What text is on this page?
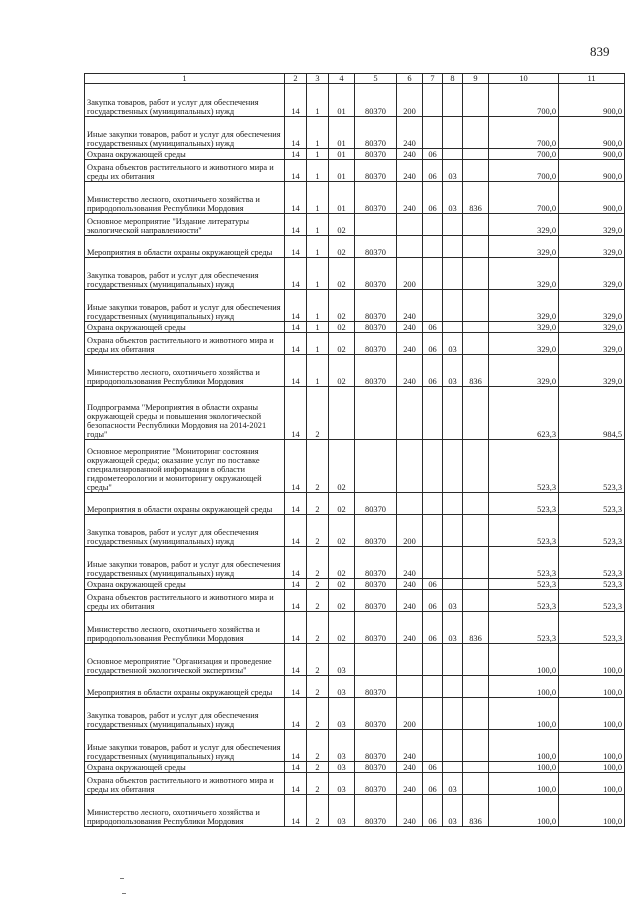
839
1	2	3	4	5	6	7	8	9	10	11

Закупка товаров, работ и услуг для обеспечения государственных (муниципальных) нужд	14	1	01	80370	200				700,0	900,0

Иные закупки товаров, работ и услуг для обеспечения государственных (муниципальных) нужд	14	1	01	80370	240				700,0	900,0

Охрана окружающей среды	14	1	01	80370	240	06			700,0	900,0

Охрана объектов растительного и животного мира и среды их обитания	14	1	01	80370	240	06	03		700,0	900,0

Министерство лесного, охотничьего хозяйства и природопользования Республики Мордовия	14	1	01	80370	240	06	03	836	700,0	900,0

Основное мероприятие "Издание литературы экологической направленности"	14	1	02						329,0	329,0

Мероприятия в области охраны окружающей среды	14	1	02	80370					329,0	329,0

Закупка товаров, работ и услуг для обеспечения государственных (муниципальных) нужд	14	1	02	80370	200				329,0	329,0

Иные закупки товаров, работ и услуг для обеспечения государственных (муниципальных) нужд	14	1	02	80370	240				329,0	329,0

Охрана окружающей среды	14	1	02	80370	240	06			329,0	329,0

Охрана объектов растительного и животного мира и среды их обитания	14	1	02	80370	240	06	03		329,0	329,0

Министерство лесного, охотничьего хозяйства и природопользования Республики Мордовия	14	1	02	80370	240	06	03	836	329,0	329,0

Подпрограмма "Мероприятия в области охраны окружающей среды и повышения экологической безопасности Республики Мордовия на 2014-2021 годы"	14	2							623,3	984,5

Основное мероприятие "Мониторинг состояния окружающей среды; оказание услуг по поставке специализированной информации в области гидрометеорологии и мониторингу окружающей среды"	14	2	02						523,3	523,3

Мероприятия в области охраны окружающей среды	14	2	02	80370					523,3	523,3

Закупка товаров, работ и услуг для обеспечения государственных (муниципальных) нужд	14	2	02	80370	200				523,3	523,3

Иные закупки товаров, работ и услуг для обеспечения государственных (муниципальных) нужд	14	2	02	80370	240				523,3	523,3

Охрана окружающей среды	14	2	02	80370	240	06			523,3	523,3

Охрана объектов растительного и животного мира и среды их обитания	14	2	02	80370	240	06	03		523,3	523,3

Министерство лесного, охотничьего хозяйства и природопользования Республики Мордовия	14	2	02	80370	240	06	03	836	523,3	523,3

Основное мероприятие "Организация и проведение государственной экологической экспертизы"	14	2	03						100,0	100,0

Мероприятия в области охраны окружающей среды	14	2	03	80370					100,0	100,0

Закупка товаров, работ и услуг для обеспечения государственных (муниципальных) нужд	14	2	03	80370	200				100,0	100,0

Иные закупки товаров, работ и услуг для обеспечения государственных (муниципальных) нужд	14	2	03	80370	240				100,0	100,0

Охрана окружающей среды	14	2	03	80370	240	06			100,0	100,0

Охрана объектов растительного и животного мира и среды их обитания	14	2	03	80370	240	06	03		100,0	100,0

Министерство лесного, охотничьего хозяйства и природопользования Республики Мордовия	14	2	03	80370	240	06	03	836	100,0	100,0
